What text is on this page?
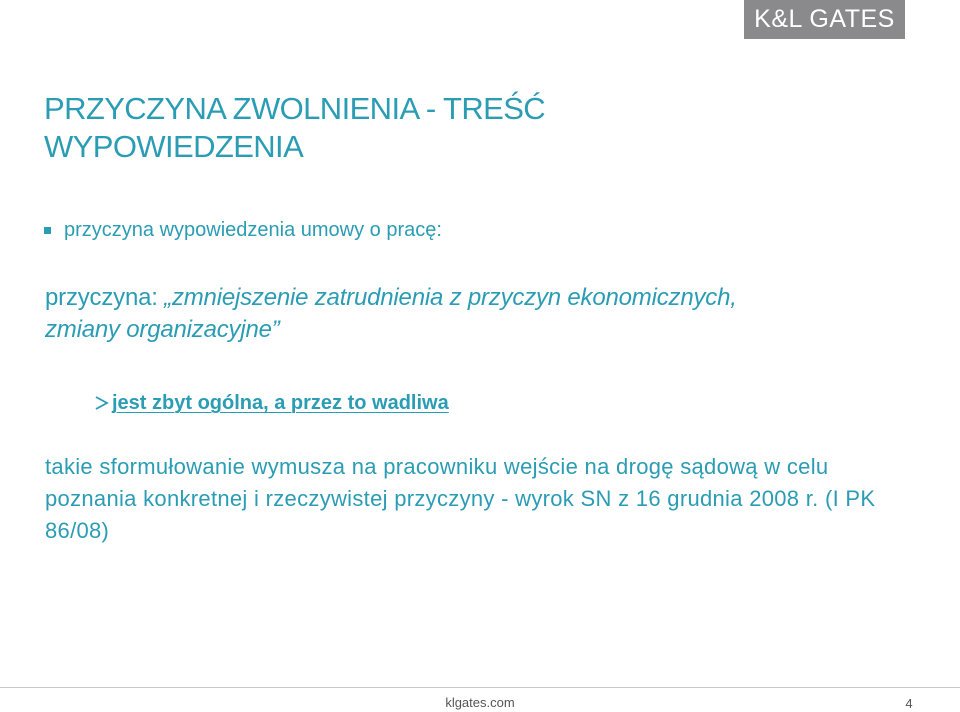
K&L GATES
PRZYCZYNA ZWOLNIENIA - TREŚĆ WYPOWIEDZENIA
przyczyna wypowiedzenia umowy o pracę:
przyczyna: „zmniejszenie zatrudnienia z przyczyn ekonomicznych, zmiany organizacyjne”
jest zbyt ogólna, a przez to wadliwa
takie sformułowanie wymusza na pracowniku wejście na drogę sądową w celu poznania konkretnej i rzeczywistej przyczyny - wyrok SN z 16 grudnia 2008 r. (I PK 86/08)
klgates.com	4
